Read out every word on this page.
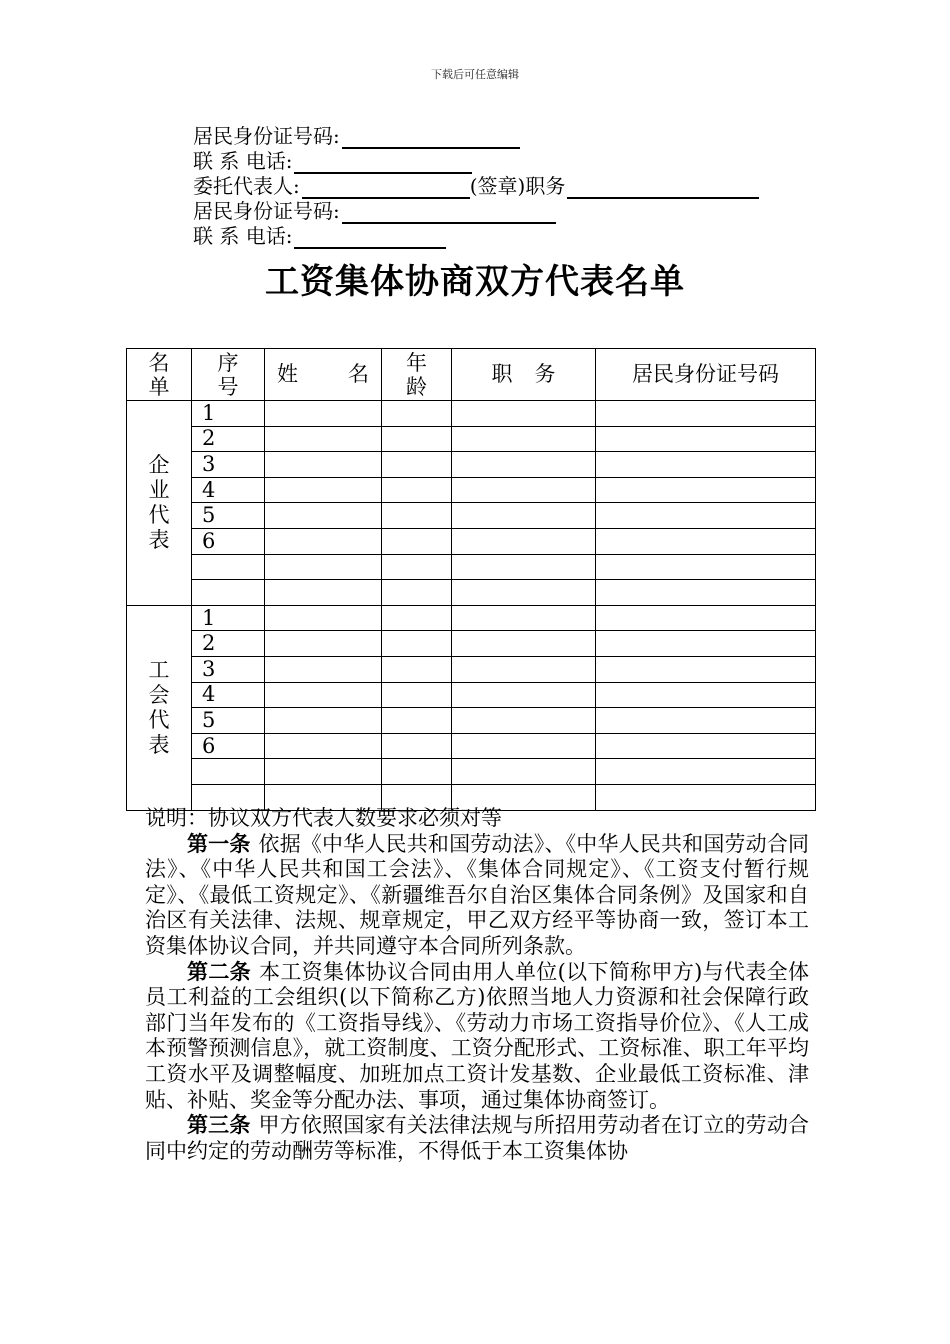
下载后可任意编辑
居民身份证号码:
联 系 电话:
委托代表人:	(签章)职务
居民身份证号码:
联 系 电话:
工资集体协商双方代表名单
名单	序号	姓 名	年龄	职务	居民身份证号码
企业代表	1				
	2				
	3				
	4				
	5				
	6				

工会代表	1				
	2				
	3				
	4				
	5				
	6				

说明：协议双方代表人数要求必须对等

第一条 依据《中华人民共和国劳动法》、《中华人民共和国劳动合同法》、《中华人民共和国工会法》、《集体合同规定》、《工资支付暂行规定》、《最低工资规定》、《新疆维吾尔自治区集体合同条例》及国家和自治区有关法律、法规、规章规定，甲乙双方经平等协商一致，签订本工资集体协议合同，并共同遵守本合同所列条款。

第二条 本工资集体协议合同由用人单位(以下简称甲方)与代表全体员工利益的工会组织(以下简称乙方)依照当地人力资源和社会保障行政部门当年发布的《工资指导线》、《劳动力市场工资指导价位》、《人工成本预警预测信息》，就工资制度、工资分配形式、工资标准、职工年平均工资水平及调整幅度、加班加点工资计发基数、企业最低工资标准、津贴、补贴、奖金等分配办法、事项，通过集体协商签订。

第三条 甲方依照国家有关法律法规与所招用劳动者在订立的劳动合同中约定的劳动酬劳等标准，不得低于本工资集体协
